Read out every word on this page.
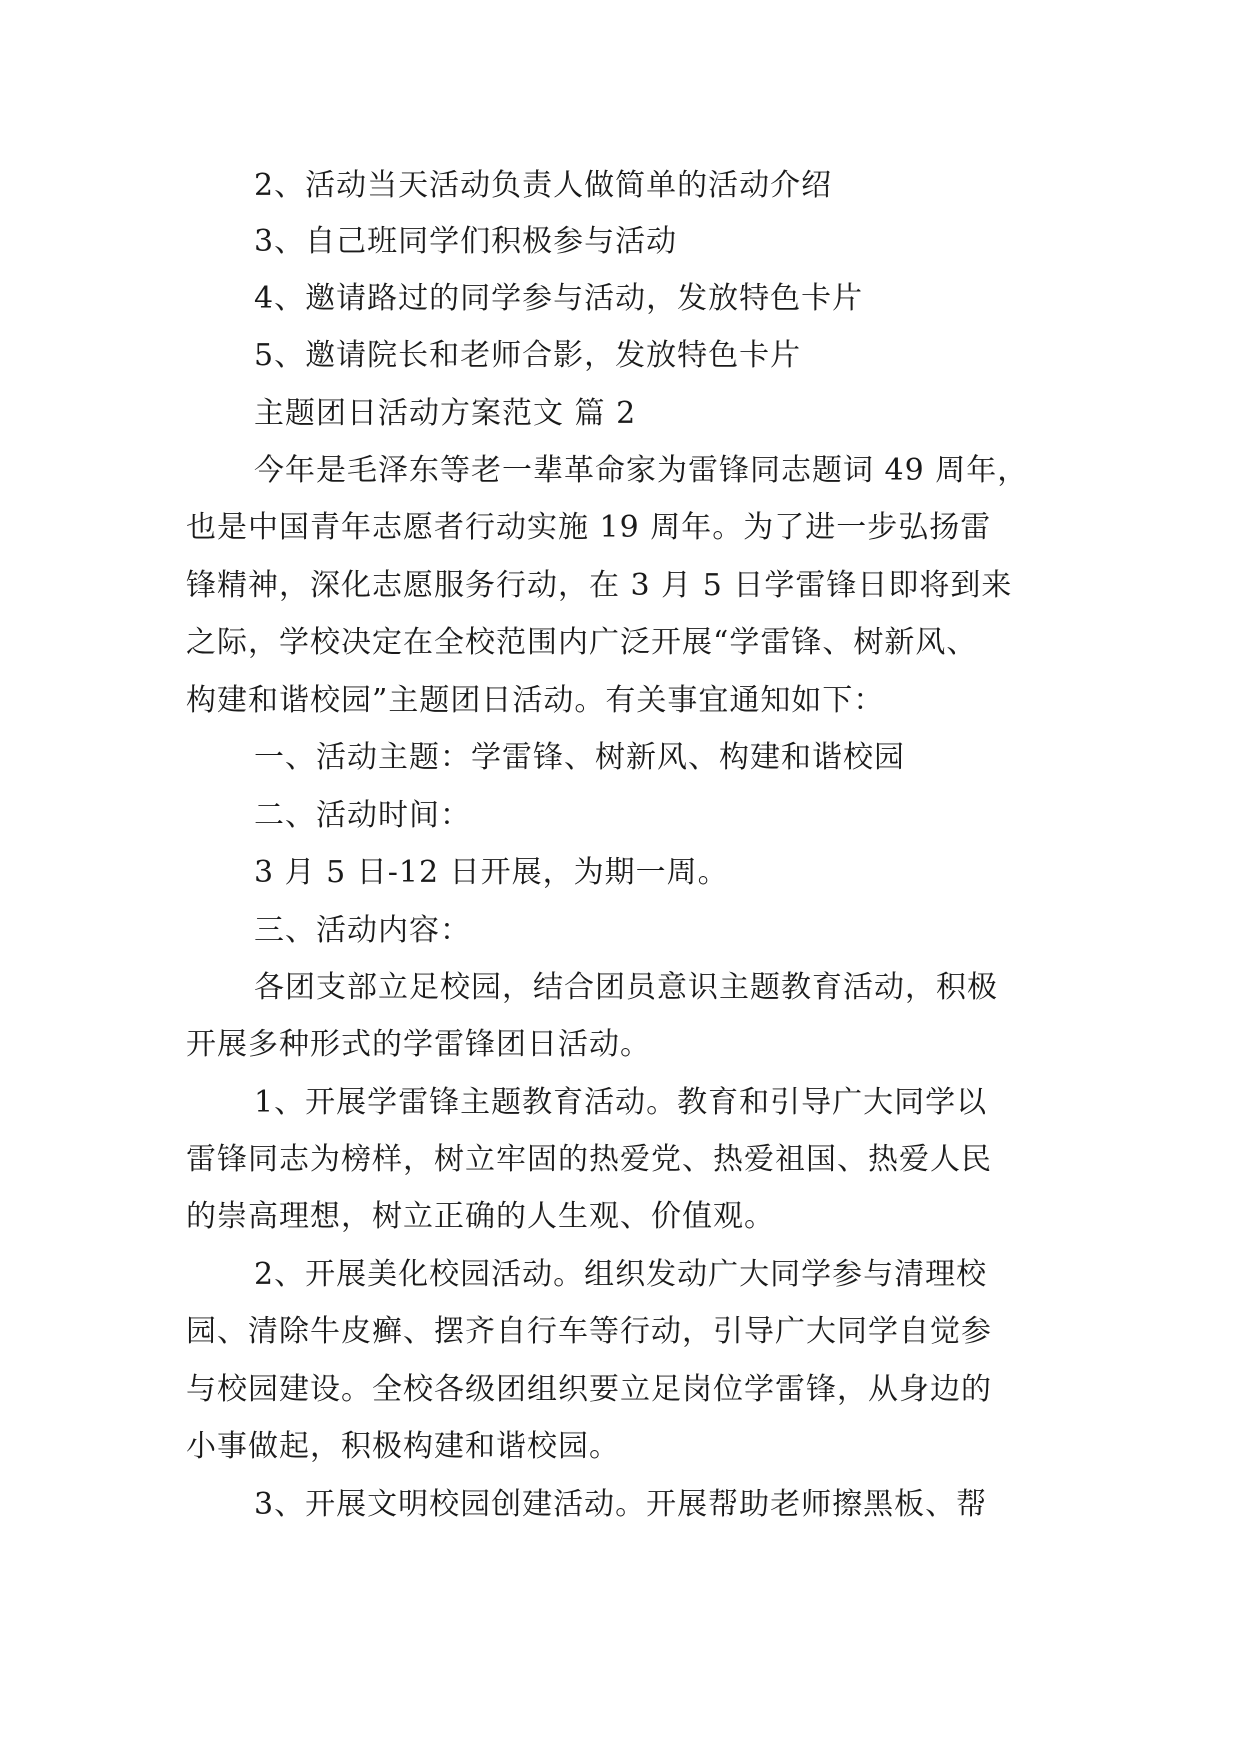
2、活动当天活动负责人做简单的活动介绍
3、自己班同学们积极参与活动
4、邀请路过的同学参与活动，发放特色卡片
5、邀请院长和老师合影，发放特色卡片
主题团日活动方案范文 篇 2
今年是毛泽东等老一辈革命家为雷锋同志题词 49 周年，
也是中国青年志愿者行动实施 19 周年。为了进一步弘扬雷
锋精神，深化志愿服务行动，在 3 月 5 日学雷锋日即将到来
之际，学校决定在全校范围内广泛开展“学雷锋、树新风、
构建和谐校园”主题团日活动。有关事宜通知如下：
一、活动主题：学雷锋、树新风、构建和谐校园
二、活动时间：
3 月 5 日-12 日开展，为期一周。
三、活动内容：
各团支部立足校园，结合团员意识主题教育活动，积极
开展多种形式的学雷锋团日活动。
1、开展学雷锋主题教育活动。教育和引导广大同学以
雷锋同志为榜样，树立牢固的热爱党、热爱祖国、热爱人民
的崇高理想，树立正确的人生观、价值观。
2、开展美化校园活动。组织发动广大同学参与清理校
园、清除牛皮癣、摆齐自行车等行动，引导广大同学自觉参
与校园建设。全校各级团组织要立足岗位学雷锋，从身边的
小事做起，积极构建和谐校园。
3、开展文明校园创建活动。开展帮助老师擦黑板、帮
